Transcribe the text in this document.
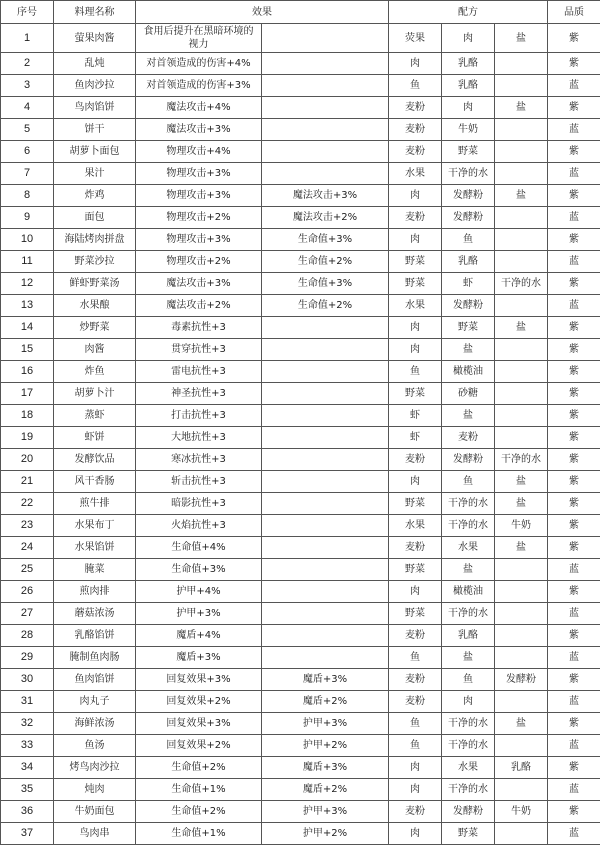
序号	料理名称	效果		配方			品质
1	萤果肉酱	食用后提升在黑暗环境的视力		荧果	肉	盐	紫
2	乱炖	对首领造成的伤害+4%		肉	乳酪		紫
3	鱼肉沙拉	对首领造成的伤害+3%		鱼	乳酪		蓝
4	鸟肉馅饼	魔法攻击+4%		麦粉	肉	盐	紫
5	饼干	魔法攻击+3%		麦粉	牛奶		蓝
6	胡萝卜面包	物理攻击+4%		麦粉	野菜		紫
7	果汁	物理攻击+3%		水果	干净的水		蓝
8	炸鸡	物理攻击+3%	魔法攻击+3%	肉	发酵粉	盐	紫
9	面包	物理攻击+2%	魔法攻击+2%	麦粉	发酵粉		蓝
10	海陆烤肉拼盘	物理攻击+3%	生命值+3%	肉	鱼		紫
11	野菜沙拉	物理攻击+2%	生命值+2%	野菜	乳酪		蓝
12	鲜虾野菜汤	魔法攻击+3%	生命值+3%	野菜	虾	干净的水	紫
13	水果酿	魔法攻击+2%	生命值+2%	水果	发酵粉		蓝
14	炒野菜	毒素抗性+3		肉	野菜	盐	紫
15	肉酱	贯穿抗性+3		肉	盐		紫
16	炸鱼	雷电抗性+3		鱼	橄榄油		紫
17	胡萝卜汁	神圣抗性+3		野菜	砂糖		紫
18	蒸虾	打击抗性+3		虾	盐		紫
19	虾饼	大地抗性+3		虾	麦粉		紫
20	发酵饮品	寒冰抗性+3		麦粉	发酵粉	干净的水	紫
21	风干香肠	斩击抗性+3		肉	鱼	盐	紫
22	煎牛排	暗影抗性+3		野菜	干净的水	盐	紫
23	水果布丁	火焰抗性+3		水果	干净的水	牛奶	紫
24	水果馅饼	生命值+4%		麦粉	水果	盐	紫
25	腌菜	生命值+3%		野菜	盐		蓝
26	煎肉排	护甲+4%		肉	橄榄油		紫
27	蘑菇浓汤	护甲+3%		野菜	干净的水		蓝
28	乳酪馅饼	魔盾+4%		麦粉	乳酪		紫
29	腌制鱼肉肠	魔盾+3%		鱼	盐		蓝
30	鱼肉馅饼	回复效果+3%	魔盾+3%	麦粉	鱼	发酵粉	紫
31	肉丸子	回复效果+2%	魔盾+2%	麦粉	肉		蓝
32	海鲜浓汤	回复效果+3%	护甲+3%	鱼	干净的水	盐	紫
33	鱼汤	回复效果+2%	护甲+2%	鱼	干净的水		蓝
34	烤鸟肉沙拉	生命值+2%	魔盾+3%	肉	水果	乳酪	紫
35	炖肉	生命值+1%	魔盾+2%	肉	干净的水		蓝
36	牛奶面包	生命值+2%	护甲+3%	麦粉	发酵粉	牛奶	紫
37	鸟肉串	生命值+1%	护甲+2%	肉	野菜		蓝
